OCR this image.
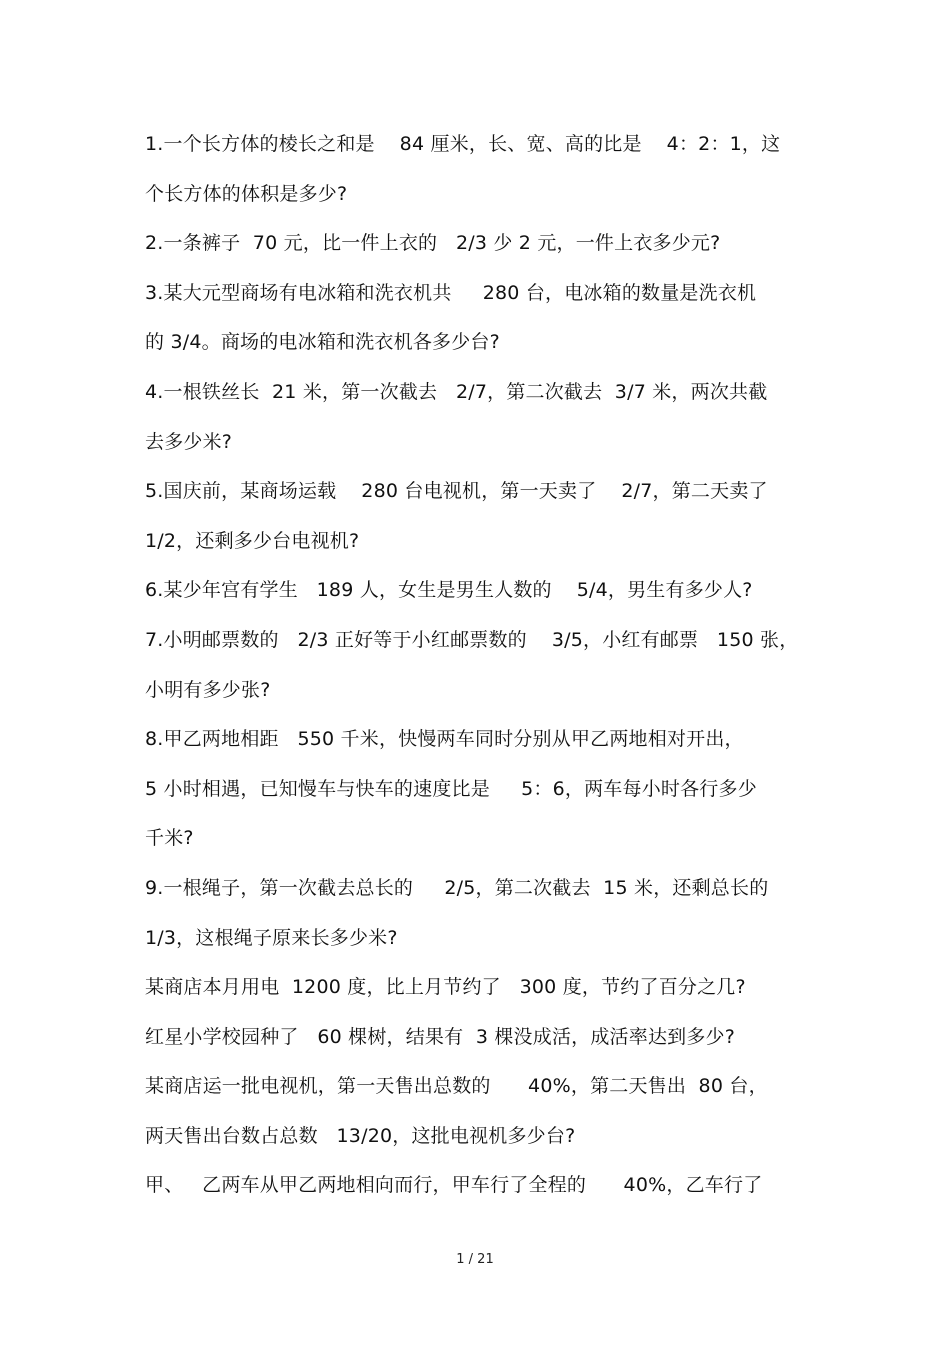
1.一个长方体的棱长之和是    84 厘米，长、宽、高的比是    4：2：1，这
个长方体的体积是多少?
2.一条裤子  70 元，比一件上衣的   2/3 少 2 元，一件上衣多少元?
3.某大元型商场有电冰箱和洗衣机共     280 台，电冰箱的数量是洗衣机
的 3/4。商场的电冰箱和洗衣机各多少台?
4.一根铁丝长  21 米，第一次截去   2/7，第二次截去  3/7 米，两次共截
去多少米?
5.国庆前，某商场运载    280 台电视机，第一天卖了    2/7，第二天卖了
1/2，还剩多少台电视机?
6.某少年宫有学生   189 人，女生是男生人数的    5/4，男生有多少人?
7.小明邮票数的   2/3 正好等于小红邮票数的    3/5，小红有邮票   150 张，
小明有多少张?
8.甲乙两地相距   550 千米，快慢两车同时分别从甲乙两地相对开出，
5 小时相遇，已知慢车与快车的速度比是     5：6，两车每小时各行多少
千米?
9.一根绳子，第一次截去总长的     2/5，第二次截去  15 米，还剩总长的
1/3，这根绳子原来长多少米?
某商店本月用电  1200 度，比上月节约了   300 度，节约了百分之几?
红星小学校园种了   60 棵树，结果有  3 棵没成活，成活率达到多少?
某商店运一批电视机，第一天售出总数的      40%，第二天售出  80 台，
两天售出台数占总数   13/20，这批电视机多少台?
甲、   乙两车从甲乙两地相向而行，甲车行了全程的      40%，乙车行了
1 / 21
